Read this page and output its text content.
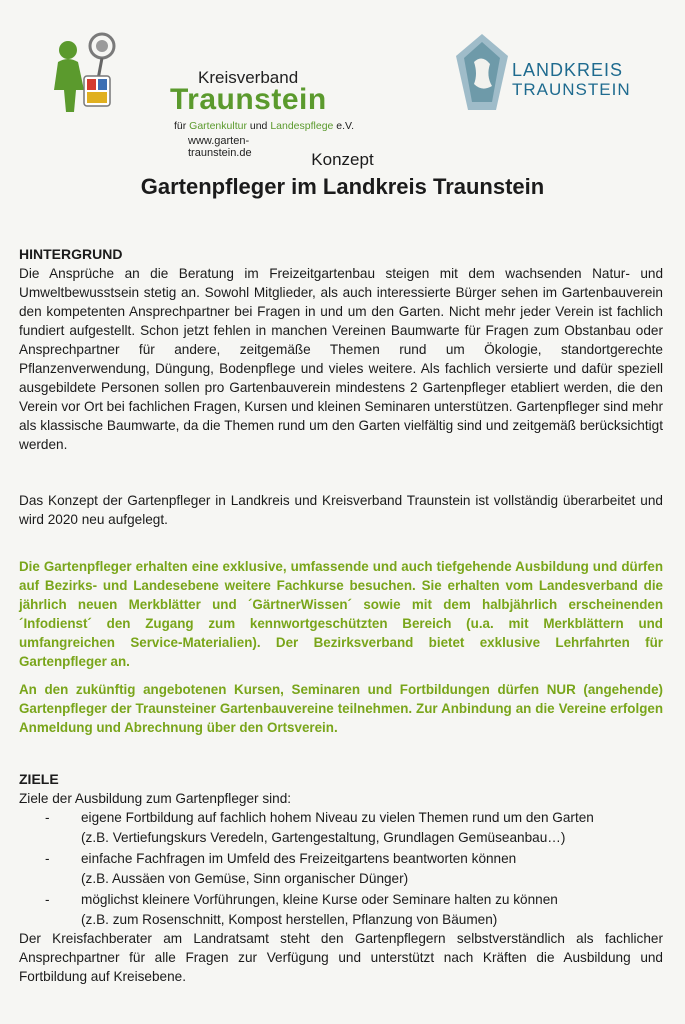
Kreisverband
Traunstein
für Gartenkultur und Landespflege e.V.
www.garten-traunstein.de
LANDKREIS
TRAUNSTEIN
Konzept
Gartenpfleger im Landkreis Traunstein
HINTERGRUND
Die Ansprüche an die Beratung im Freizeitgartenbau steigen mit dem wachsenden Natur- und Umweltbewusstsein stetig an. Sowohl Mitglieder, als auch interessierte Bürger sehen im Gartenbauverein den kompetenten Ansprechpartner bei Fragen in und um den Garten. Nicht mehr jeder Verein ist fachlich fundiert aufgestellt. Schon jetzt fehlen in manchen Vereinen Baumwarte für Fragen zum Obstanbau oder Ansprechpartner für andere, zeitgemäße Themen rund um Ökologie, standortgerechte Pflanzenverwendung, Düngung, Bodenpflege und vieles weitere. Als fachlich versierte und dafür speziell ausgebildete Personen sollen pro Gartenbauverein mindestens 2 Gartenpfleger etabliert werden, die den Verein vor Ort bei fachlichen Fragen, Kursen und kleinen Seminaren unterstützen. Gartenpfleger sind mehr als klassische Baumwarte, da die Themen rund um den Garten vielfältig sind und zeitgemäß berücksichtigt werden.
Das Konzept der Gartenpfleger in Landkreis und Kreisverband Traunstein ist vollständig überarbeitet und wird 2020 neu aufgelegt.
Die Gartenpfleger erhalten eine exklusive, umfassende und auch tiefgehende Ausbildung und dürfen auf Bezirks- und Landesebene weitere Fachkurse besuchen. Sie erhalten vom Landesverband die jährlich neuen Merkblätter und ´GärtnerWissen´ sowie mit dem halbjährlich erscheinenden ´Infodienst´ den Zugang zum kennwortgeschützten Bereich (u.a. mit Merkblättern und umfangreichen Service-Materialien). Der Bezirksverband bietet exklusive Lehrfahrten für Gartenpfleger an.
An den zukünftig angebotenen Kursen, Seminaren und Fortbildungen dürfen NUR (angehende) Gartenpfleger der Traunsteiner Gartenbauvereine teilnehmen. Zur Anbindung an die Vereine erfolgen Anmeldung und Abrechnung über den Ortsverein.
ZIELE
Ziele der Ausbildung zum Gartenpfleger sind:
- eigene Fortbildung auf fachlich hohem Niveau zu vielen Themen rund um den Garten
(z.B. Vertiefungskurs Veredeln, Gartengestaltung, Grundlagen Gemüseanbau…)
- einfache Fachfragen im Umfeld des Freizeitgartens beantworten können
(z.B. Aussäen von Gemüse, Sinn organischer Dünger)
- möglichst kleinere Vorführungen, kleine Kurse oder Seminare halten zu können
(z.B. zum Rosenschnitt, Kompost herstellen, Pflanzung von Bäumen)
Der Kreisfachberater am Landratsamt steht den Gartenpflegern selbstverständlich als fachlicher Ansprechpartner für alle Fragen zur Verfügung und unterstützt nach Kräften die Ausbildung und Fortbildung auf Kreisebene.
